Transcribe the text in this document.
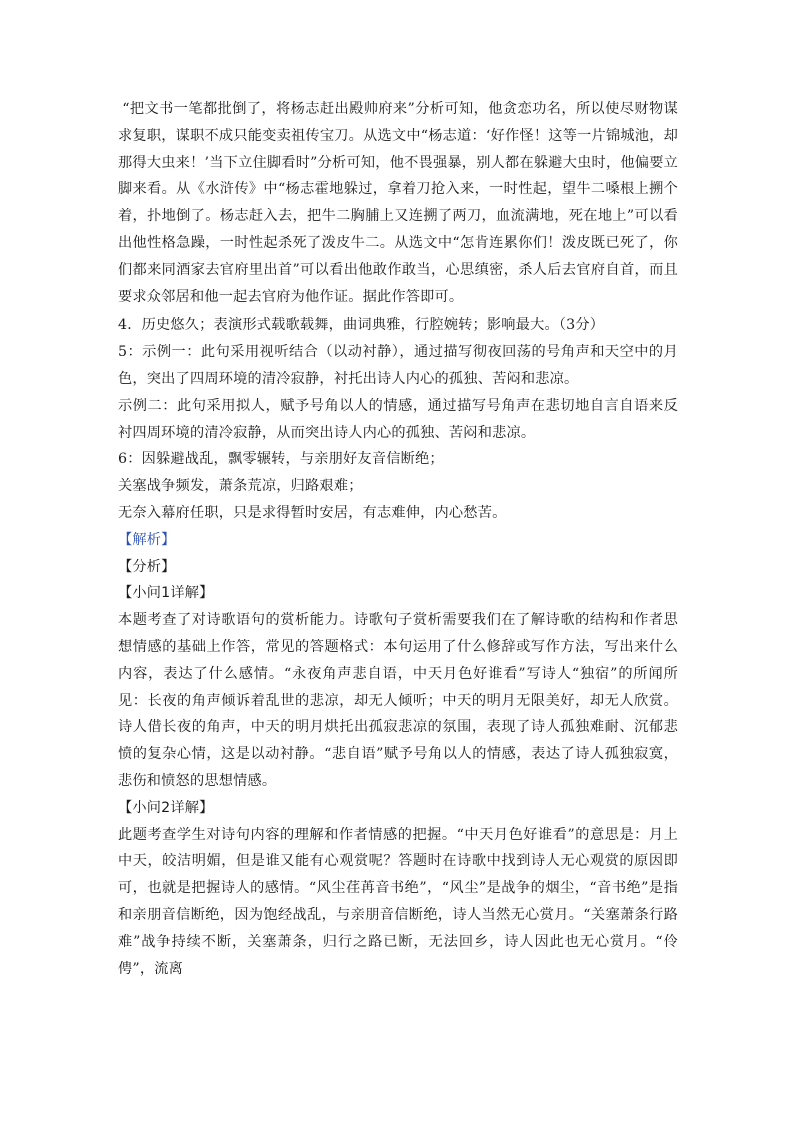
“把文书一笔都批倒了，将杨志赶出殿帅府来”分析可知，他贪恋功名，所以使尽财物谋求复职，谋职不成只能变卖祖传宝刀。从选文中“杨志道：‘好作怪！这等一片锦城池，却那得大虫来！’当下立住脚看时”分析可知，他不畏强暴，别人都在躲避大虫时，他偏要立脚来看。从《水浒传》中“杨志霍地躲过，拿着刀抢入来，一时性起，望牛二嗓根上搠个着，扑地倒了。杨志赶入去，把牛二胸脯上又连搠了两刀，血流满地，死在地上”可以看出他性格急躁，一时性起杀死了泼皮牛二。从选文中“怎肯连累你们！泼皮既已死了，你们都来同酒家去官府里出首”可以看出他敢作敢当，心思缜密，杀人后去官府自首，而且要求众邻居和他一起去官府为他作证。据此作答即可。

4．历史悠久；表演形式载歌载舞，曲词典雅，行腔婉转；影响最大。（3分）

5：示例一：此句采用视听结合（以动衬静），通过描写彻夜回荡的号角声和天空中的月色，突出了四周环境的清冷寂静，衬托出诗人内心的孤独、苦闷和悲凉。

示例二：此句采用拟人，赋予号角以人的情感，通过描写号角声在悲切地自言自语来反衬四周环境的清冷寂静，从而突出诗人内心的孤独、苦闷和悲凉。

6：因躲避战乱，飘零辗转，与亲朋好友音信断绝；

关塞战争频发，萧条荒凉，归路艰难；

无奈入幕府任职，只是求得暂时安居，有志难伸，内心愁苦。

【解析】

【分析】

【小问1详解】

本题考查了对诗歌语句的赏析能力。诗歌句子赏析需要我们在了解诗歌的结构和作者思想情感的基础上作答，常见的答题格式：本句运用了什么修辞或写作方法，写出来什么内容，表达了什么感情。“永夜角声悲自语，中天月色好谁看”写诗人“独宿”的所闻所见：长夜的角声倾诉着乱世的悲凉，却无人倾听；中天的明月无限美好，却无人欣赏。诗人借长夜的角声，中天的明月烘托出孤寂悲凉的氛围，表现了诗人孤独难耐、沉郁悲愤的复杂心情，这是以动衬静。“悲自语”赋予号角以人的情感，表达了诗人孤独寂寞，悲伤和愤怒的思想情感。

【小问2详解】

此题考查学生对诗句内容的理解和作者情感的把握。“中天月色好谁看”的意思是：月上中天，皎洁明媚，但是谁又能有心观赏呢？答题时在诗歌中找到诗人无心观赏的原因即可，也就是把握诗人的感情。“风尘荏苒音书绝”，“风尘”是战争的烟尘，“音书绝”是指和亲朋音信断绝，因为饱经战乱，与亲朋音信断绝，诗人当然无心赏月。“关塞萧条行路难”战争持续不断，关塞萧条，归行之路已断，无法回乡，诗人因此也无心赏月。“伶俜”，流离
